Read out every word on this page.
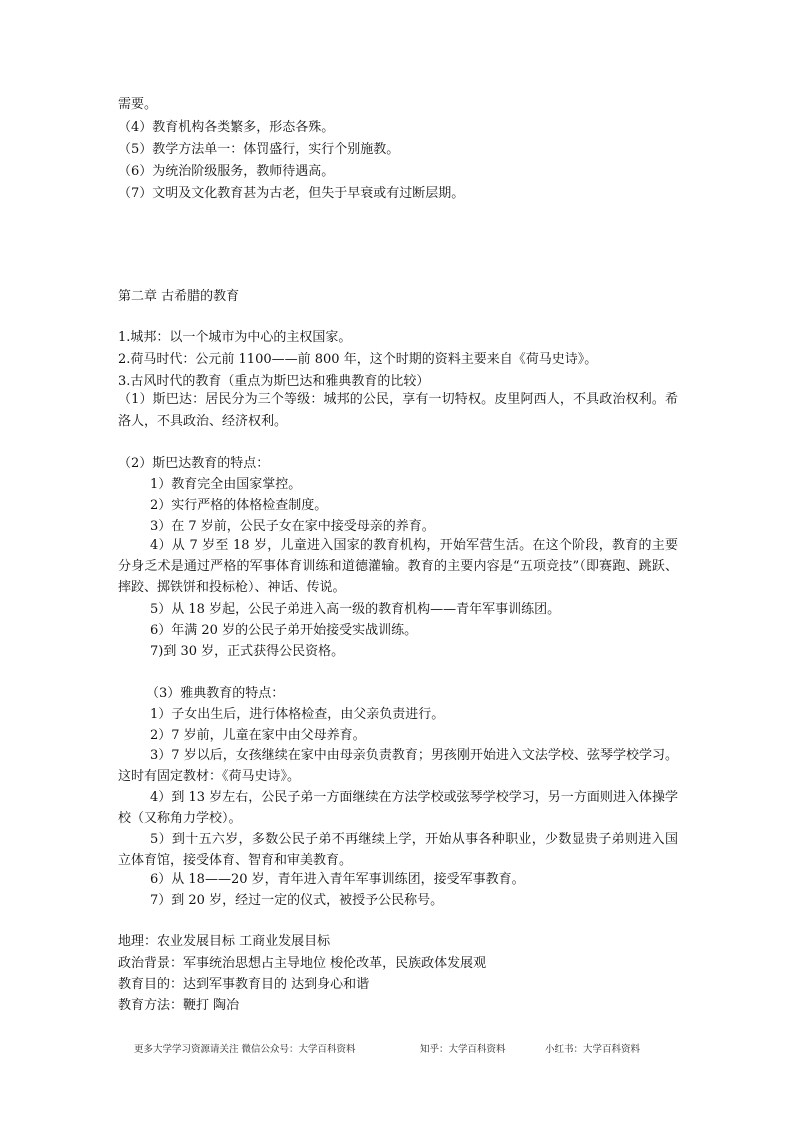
需要。
（4）教育机构各类繁多，形态各殊。
（5）教学方法单一：体罚盛行，实行个别施教。
（6）为统治阶级服务，教师待遇高。
（7）文明及文化教育甚为古老，但失于早衰或有过断层期。
第二章 古希腊的教育
1.城邦：以一个城市为中心的主权国家。
2.荷马时代：公元前 1100——前 800 年，这个时期的资料主要来自《荷马史诗》。
3.古风时代的教育（重点为斯巴达和雅典教育的比较）
（1）斯巴达：居民分为三个等级：城邦的公民，享有一切特权。皮里阿西人，不具政治权利。希洛人，不具政治、经济权利。
（2）斯巴达教育的特点：
1）教育完全由国家掌控。
2）实行严格的体格检查制度。
3）在 7 岁前，公民子女在家中接受母亲的养育。
4）从 7 岁至 18 岁，儿童进入国家的教育机构，开始军营生活。在这个阶段，教育的主要分身乏术是通过严格的军事体育训练和道德灌输。教育的主要内容是“五项竞技”（即赛跑、跳跃、摔跤、掷铁饼和投标枪）、神话、传说。
5）从 18 岁起，公民子弟进入高一级的教育机构——青年军事训练团。
6）年满 20 岁的公民子弟开始接受实战训练。
7)到 30 岁，正式获得公民资格。
（3）雅典教育的特点：
1）子女出生后，进行体格检查，由父亲负责进行。
2）7 岁前，儿童在家中由父母养育。
3）7 岁以后，女孩继续在家中由母亲负责教育；男孩刚开始进入文法学校、弦琴学校学习。这时有固定教材：《荷马史诗》。
4）到 13 岁左右，公民子弟一方面继续在方法学校或弦琴学校学习，另一方面则进入体操学校（又称角力学校）。
5）到十五六岁，多数公民子弟不再继续上学，开始从事各种职业，少数显贵子弟则进入国立体育馆，接受体育、智育和审美教育。
6）从 18——20 岁，青年进入青年军事训练团，接受军事教育。
7）到 20 岁，经过一定的仪式，被授予公民称号。
地理：农业发展目标 工商业发展目标
政治背景：军事统治思想占主导地位 梭伦改革，民族政体发展观
教育目的：达到军事教育目的 达到身心和谐
教育方法：鞭打 陶冶
更多大学学习资源请关注 微信公众号：大学百科资料	知乎：大学百科资料	小红书：大学百科资料
